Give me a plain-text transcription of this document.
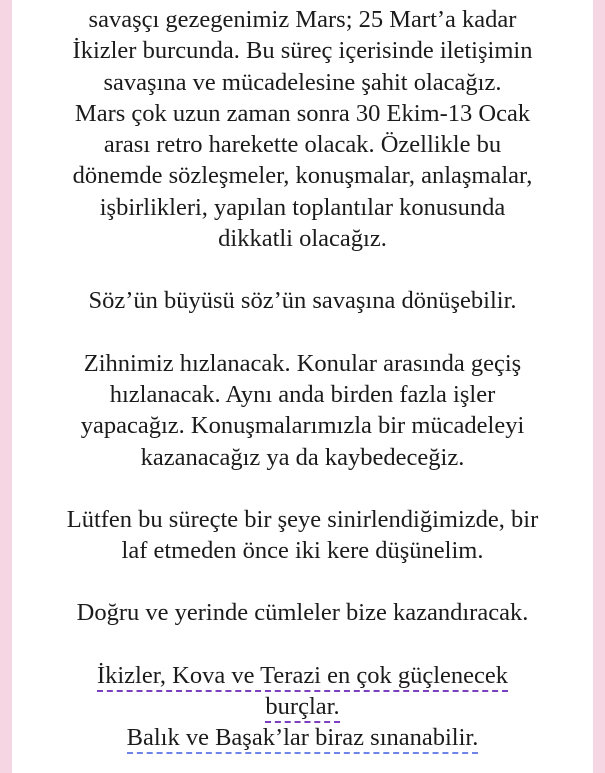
savaşçı gezegenimiz Mars; 25 Mart’a kadar
İkizler burcunda. Bu süreç içerisinde iletişimin
savaşına ve mücadelesine şahit olacağız.
Mars çok uzun zaman sonra 30 Ekim-13 Ocak
arası retro harekette olacak. Özellikle bu
dönemde sözleşmeler, konuşmalar, anlaşmalar,
işbirlikleri, yapılan toplantılar konusunda
dikkatli olacağız.
Söz’ün büyüsü söz’ün savaşına dönüşebilir.
Zihnimiz hızlanacak. Konular arasında geçiş
hızlanacak. Aynı anda birden fazla işler
yapacağız. Konuşmalarımızla bir mücadeleyi
kazanacağız ya da kaybedeceğiz.
Lütfen bu süreçte bir şeye sinirlendiğimizde, bir
laf etmeden önce iki kere düşünelim.
Doğru ve yerinde cümleler bize kazandıracak.
İkizler, Kova ve Terazi en çok güçlenecek
burçlar.
Balık ve Başak’lar biraz sınanabilir.
